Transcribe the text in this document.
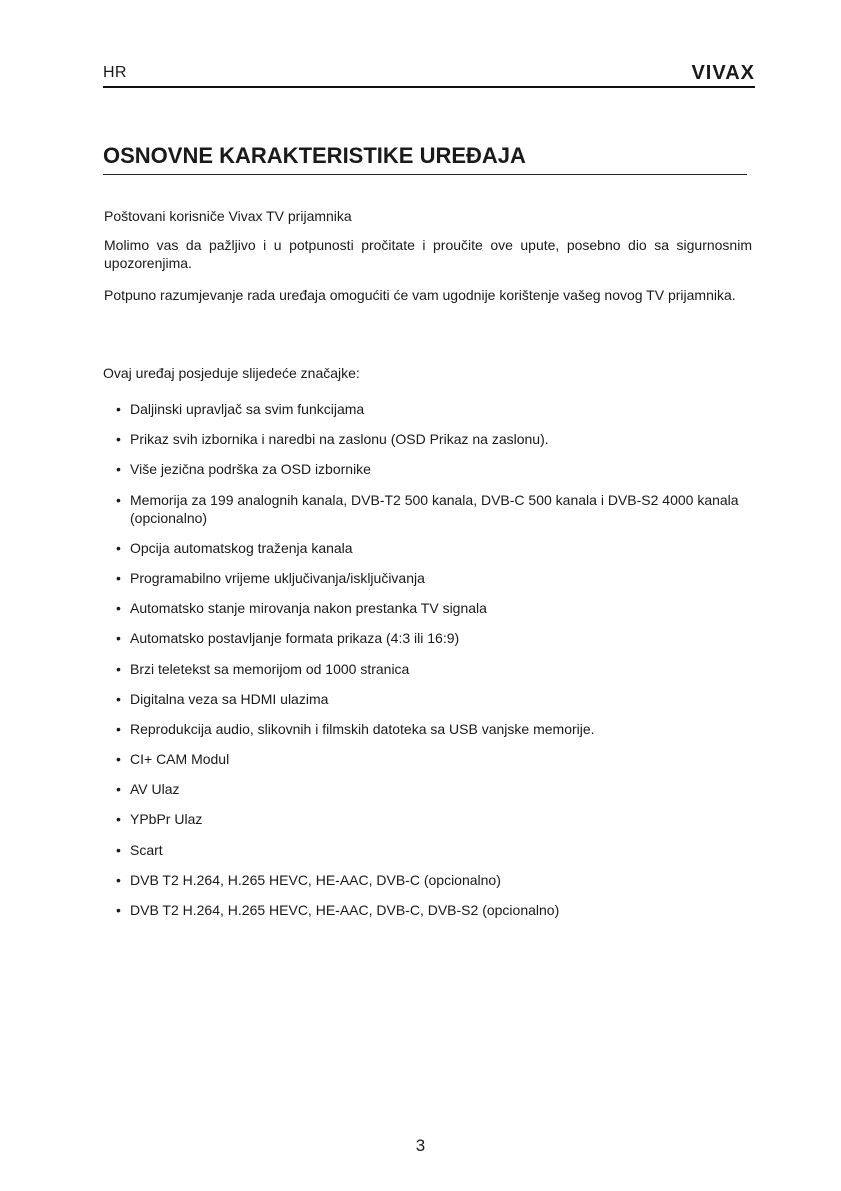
HR	VIVAX
OSNOVNE KARAKTERISTIKE UREĐAJA

Poštovani korisniče Vivax TV prijamnika

Molimo vas da pažljivo i u potpunosti pročitate i proučite ove upute, posebno dio sa sigurnosnim upozorenjima.

Potpuno razumjevanje rada uređaja omogućiti će vam ugodnije korištenje vašeg novog TV prijamnika.

Ovaj uređaj posjeduje slijedeće značajke:

• Daljinski upravljač sa svim funkcijama
• Prikaz svih izbornika i naredbi na zaslonu (OSD Prikaz na zaslonu).
• Više jezična podrška za OSD izbornike
• Memorija za 199 analognih kanala, DVB-T2 500 kanala, DVB-C 500 kanala i DVB-S2 4000 kanala (opcionalno)
• Opcija automatskog traženja kanala
• Programabilno vrijeme uključivanja/isključivanja
• Automatsko stanje mirovanja nakon prestanka TV signala
• Automatsko postavljanje formata prikaza (4:3 ili 16:9)
• Brzi teletekst sa memorijom od 1000 stranica
• Digitalna veza sa HDMI ulazima
• Reprodukcija audio, slikovnih i filmskih datoteka sa USB vanjske memorije.
• CI+ CAM Modul
• AV Ulaz
• YPbPr Ulaz
• Scart
• DVB T2 H.264, H.265 HEVC, HE-AAC, DVB-C (opcionalno)
• DVB T2 H.264, H.265 HEVC, HE-AAC, DVB-C, DVB-S2 (opcionalno)
3
